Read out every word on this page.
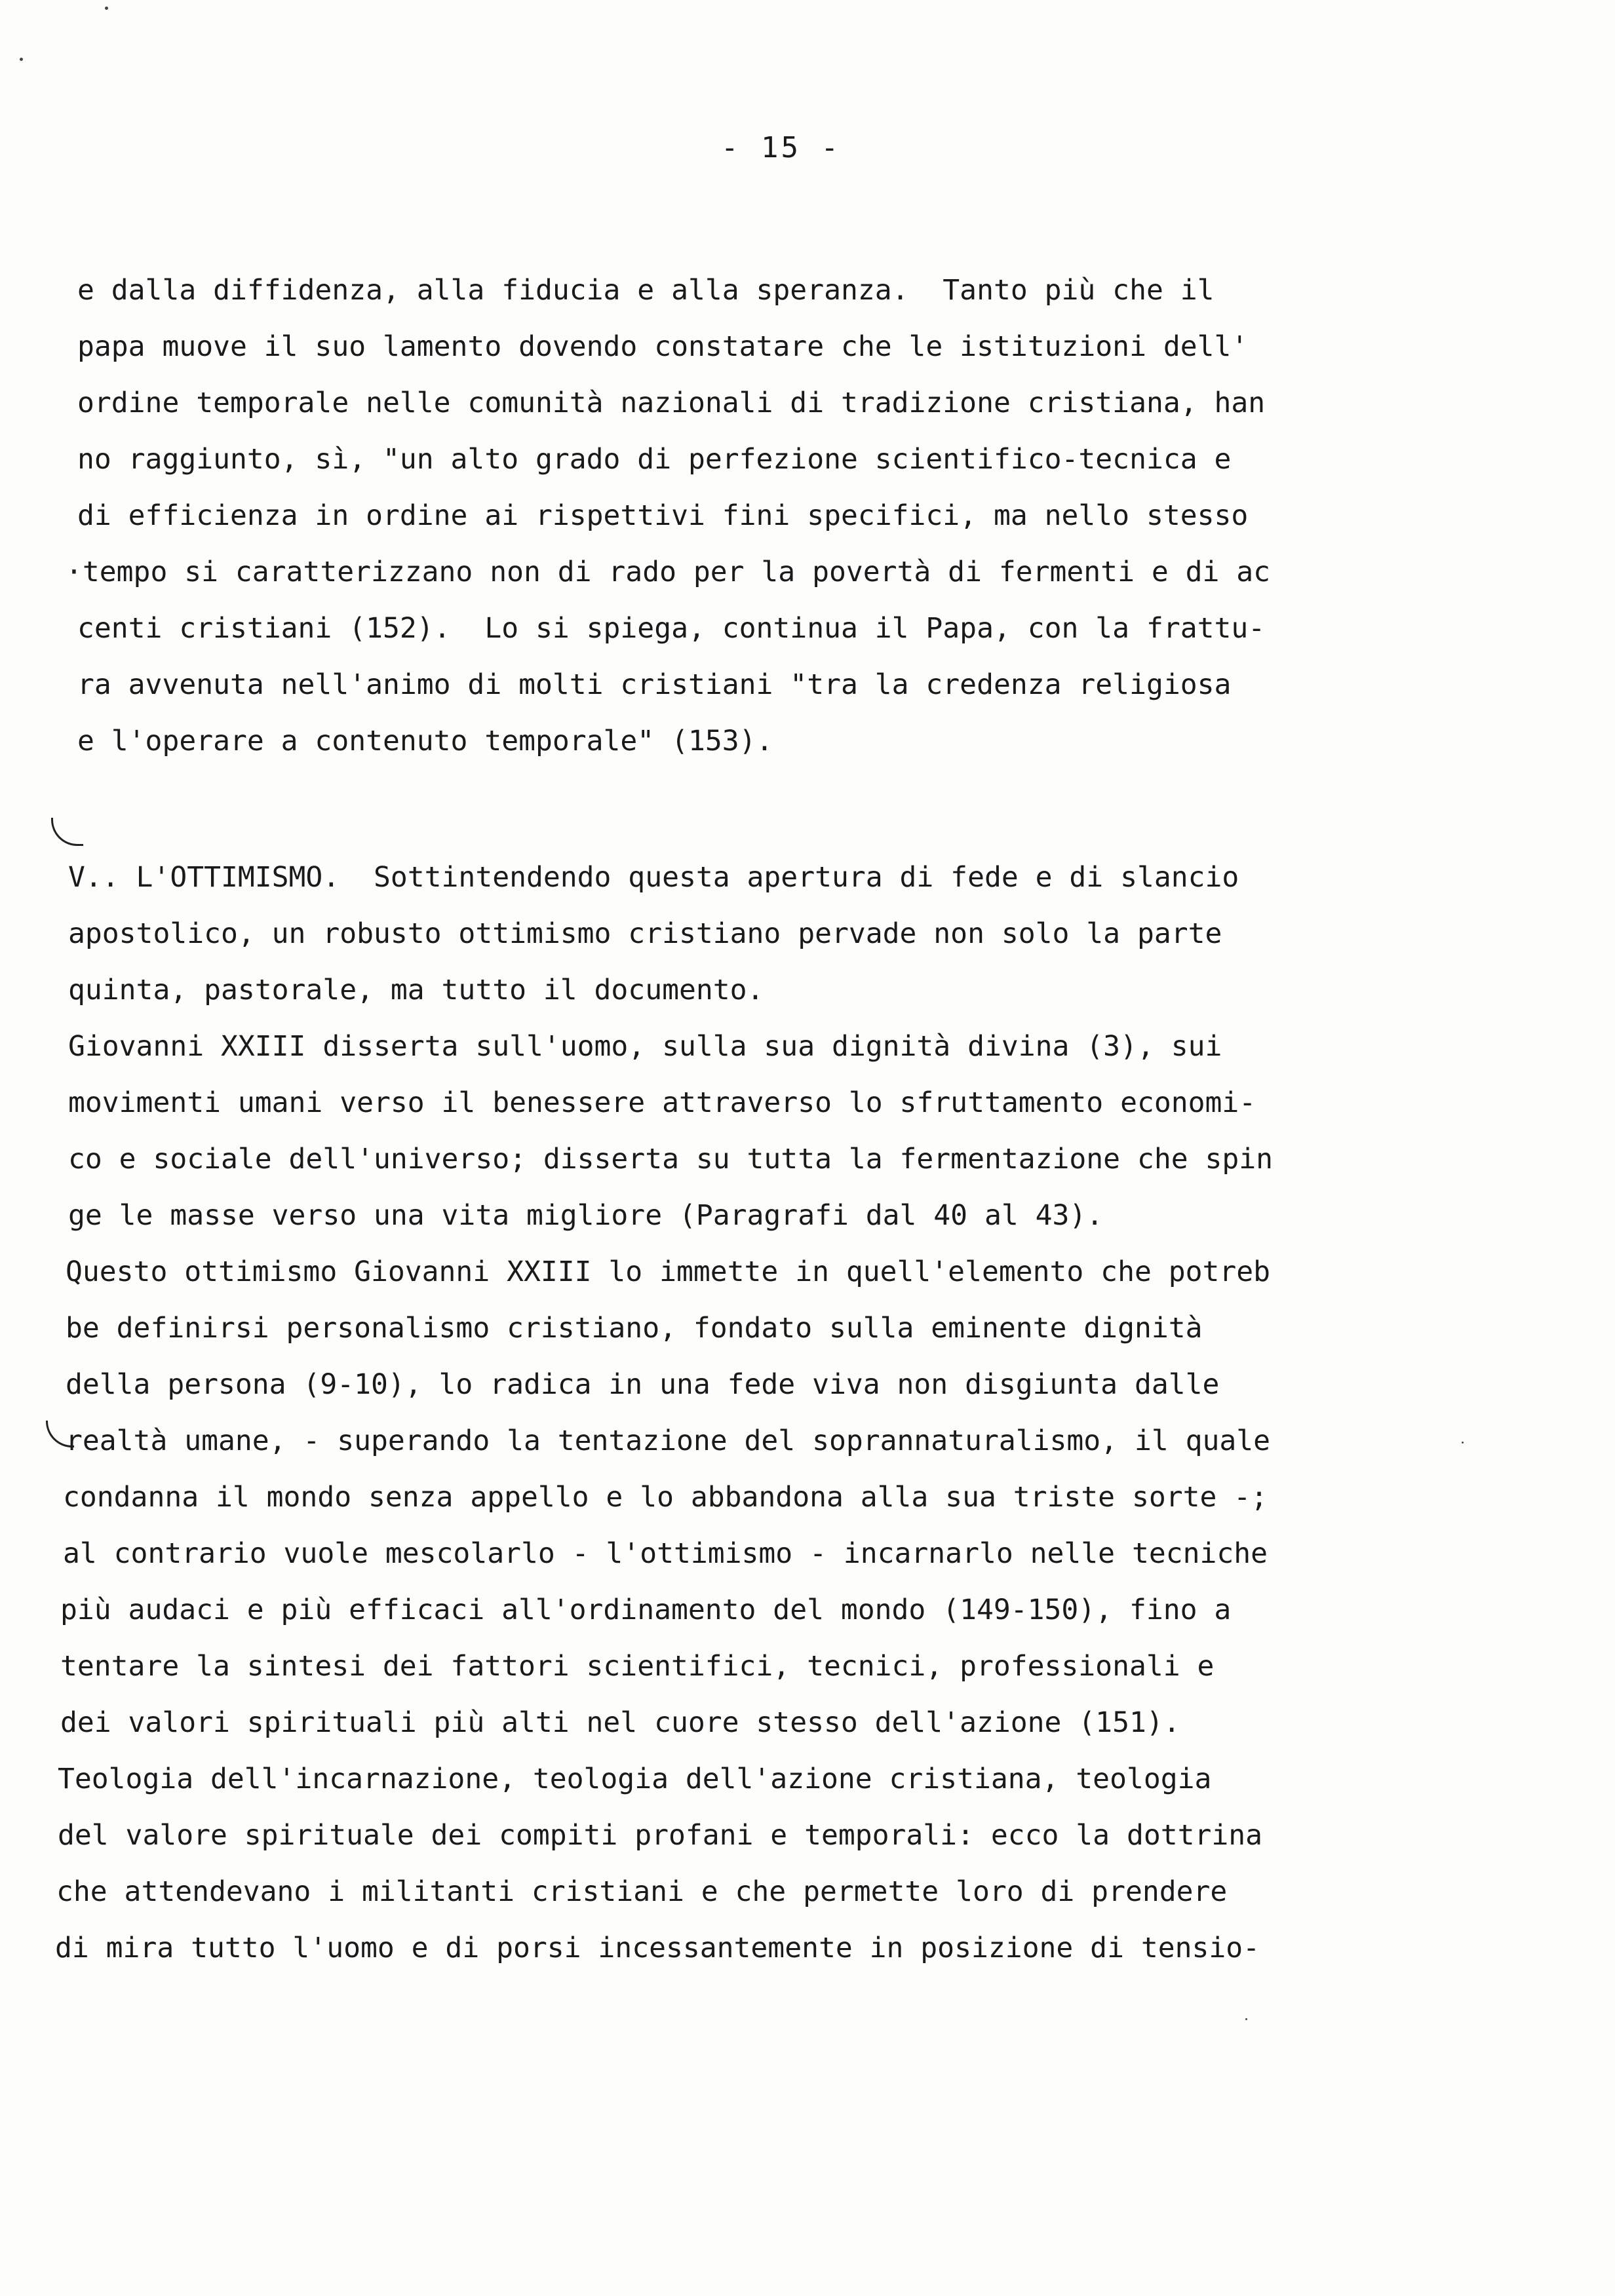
- 15 -
e dalla diffidenza, alla fiducia e alla speranza.  Tanto più che il
papa muove il suo lamento dovendo constatare che le istituzioni dell'
ordine temporale nelle comunità nazionali di tradizione cristiana, han
no raggiunto, sì, "un alto grado di perfezione scientifico-tecnica e
di efficienza in ordine ai rispettivi fini specifici, ma nello stesso
·tempo si caratterizzano non di rado per la povertà di fermenti e di ac
centi cristiani (152).  Lo si spiega, continua il Papa, con la frattu-
ra avvenuta nell'animo di molti cristiani "tra la credenza religiosa
e l'operare a contenuto temporale" (153).
V.. L'OTTIMISMO.  Sottintendendo questa apertura di fede e di slancio
apostolico, un robusto ottimismo cristiano pervade non solo la parte
quinta, pastorale, ma tutto il documento.
Giovanni XXIII disserta sull'uomo, sulla sua dignità divina (3), sui
movimenti umani verso il benessere attraverso lo sfruttamento economi-
co e sociale dell'universo; disserta su tutta la fermentazione che spin
ge le masse verso una vita migliore (Paragrafi dal 40 al 43).
Questo ottimismo Giovanni XXIII lo immette in quell'elemento che potreb
be definirsi personalismo cristiano, fondato sulla eminente dignità
della persona (9-10), lo radica in una fede viva non disgiunta dalle
realtà umane, - superando la tentazione del soprannaturalismo, il quale
condanna il mondo senza appello e lo abbandona alla sua triste sorte -;
al contrario vuole mescolarlo - l'ottimismo - incarnarlo nelle tecniche
più audaci e più efficaci all'ordinamento del mondo (149-150), fino a
tentare la sintesi dei fattori scientifici, tecnici, professionali e
dei valori spirituali più alti nel cuore stesso dell'azione (151).
Teologia dell'incarnazione, teologia dell'azione cristiana, teologia
del valore spirituale dei compiti profani e temporali: ecco la dottrina
che attendevano i militanti cristiani e che permette loro di prendere
di mira tutto l'uomo e di porsi incessantemente in posizione di tensio-
